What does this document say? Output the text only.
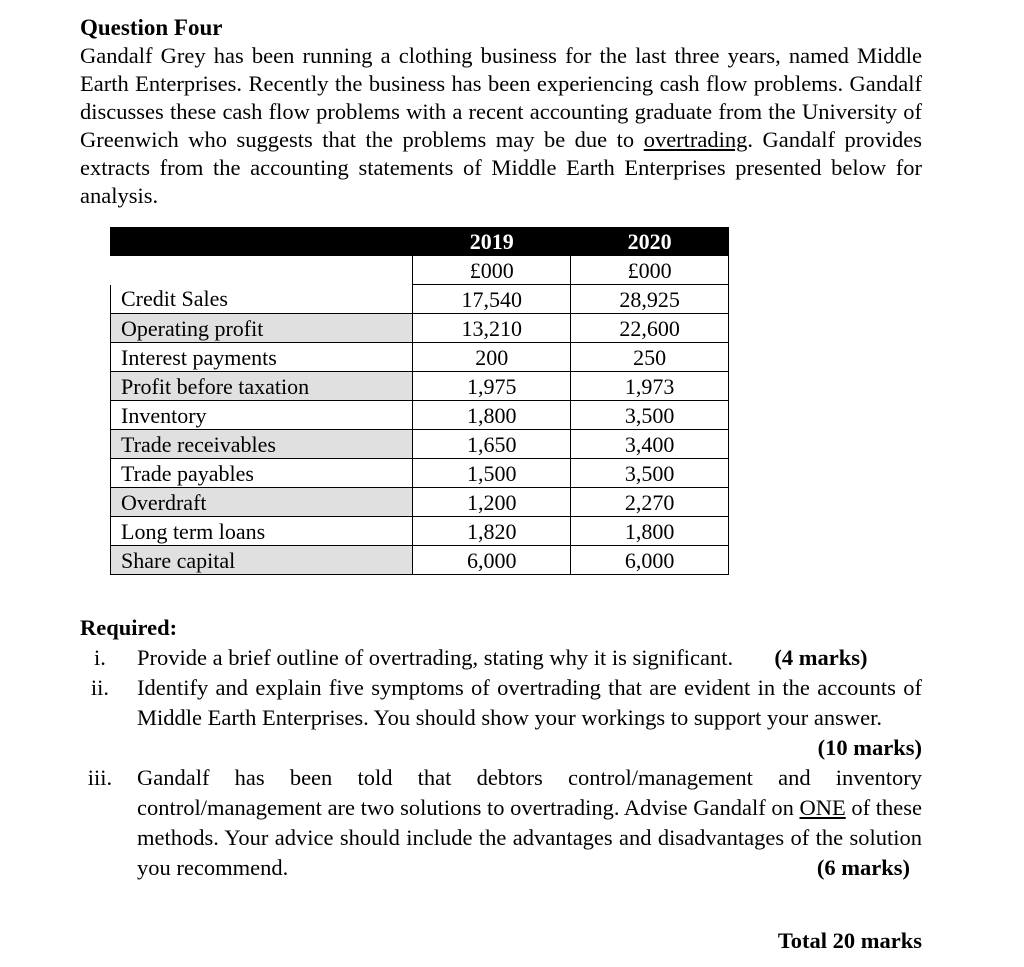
Question Four

Gandalf Grey has been running a clothing business for the last three years, named Middle Earth Enterprises. Recently the business has been experiencing cash flow problems. Gandalf discusses these cash flow problems with a recent accounting graduate from the University of Greenwich who suggests that the problems may be due to overtrading. Gandalf provides extracts from the accounting statements of Middle Earth Enterprises presented below for analysis.

	2019	2020
	£000	£000
Credit Sales	17,540	28,925
Operating profit	13,210	22,600
Interest payments	200	250
Profit before taxation	1,975	1,973
Inventory	1,800	3,500
Trade receivables	1,650	3,400
Trade payables	1,500	3,500
Overdraft	1,200	2,270
Long term loans	1,820	1,800
Share capital	6,000	6,000

Required:

i.	Provide a brief outline of overtrading, stating why it is significant. (4 marks)
ii.	Identify and explain five symptoms of overtrading that are evident in the accounts of Middle Earth Enterprises. You should show your workings to support your answer.
(10 marks)
iii.	Gandalf has been told that debtors control/management and inventory control/management are two solutions to overtrading. Advise Gandalf on ONE of these methods. Your advice should include the advantages and disadvantages of the solution you recommend.	(6 marks)
Total 20 marks
